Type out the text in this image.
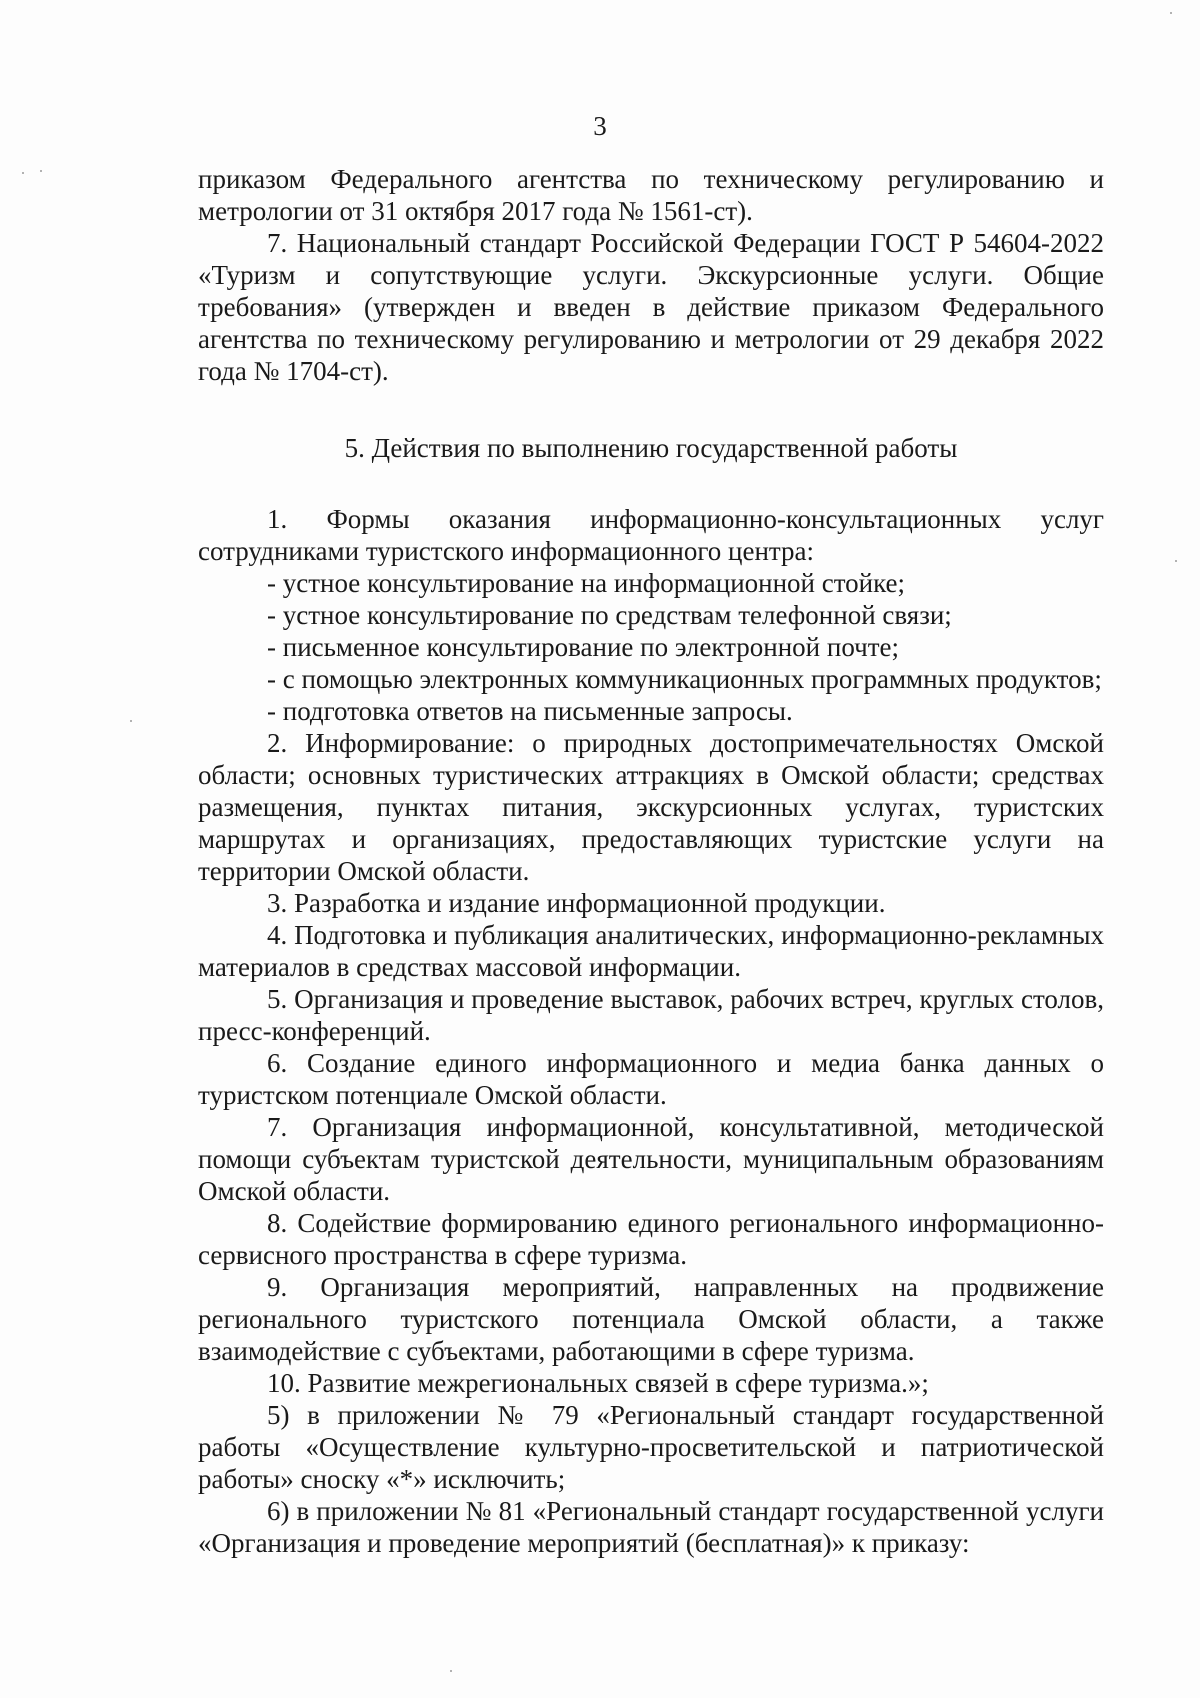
3

приказом Федерального агентства по техническому регулированию и метрологии от 31 октября 2017 года № 1561-ст).

7. Национальный стандарт Российской Федерации ГОСТ Р 54604-2022 «Туризм и сопутствующие услуги. Экскурсионные услуги. Общие требования» (утвержден и введен в действие приказом Федерального агентства по техническому регулированию и метрологии от 29 декабря 2022 года № 1704-ст).

5. Действия по выполнению государственной работы

1. Формы оказания информационно-консультационных услуг сотрудниками туристского информационного центра:

- устное консультирование на информационной стойке;

- устное консультирование по средствам телефонной связи;

- письменное консультирование по электронной почте;

- с помощью электронных коммуникационных программных продуктов;

- подготовка ответов на письменные запросы.

2. Информирование: о природных достопримечательностях Омской области; основных туристических аттракциях в Омской области; средствах размещения, пунктах питания, экскурсионных услугах, туристских маршрутах и организациях, предоставляющих туристские услуги на территории Омской области.

3. Разработка и издание информационной продукции.

4. Подготовка и публикация аналитических, информационно-рекламных материалов в средствах массовой информации.

5. Организация и проведение выставок, рабочих встреч, круглых столов, пресс-конференций.

6. Создание единого информационного и медиа банка данных о туристском потенциале Омской области.

7. Организация информационной, консультативной, методической помощи субъектам туристской деятельности, муниципальным образованиям Омской области.

8. Содействие формированию единого регионального информационно-сервисного пространства в сфере туризма.

9. Организация мероприятий, направленных на продвижение регионального туристского потенциала Омской области, а также взаимодействие с субъектами, работающими в сфере туризма.

10. Развитие межрегиональных связей в сфере туризма.»;

5) в приложении № 79 «Региональный стандарт государственной работы «Осуществление культурно-просветительской и патриотической работы» сноску «*» исключить;

6) в приложении № 81 «Региональный стандарт государственной услуги «Организация и проведение мероприятий (бесплатная)» к приказу:
